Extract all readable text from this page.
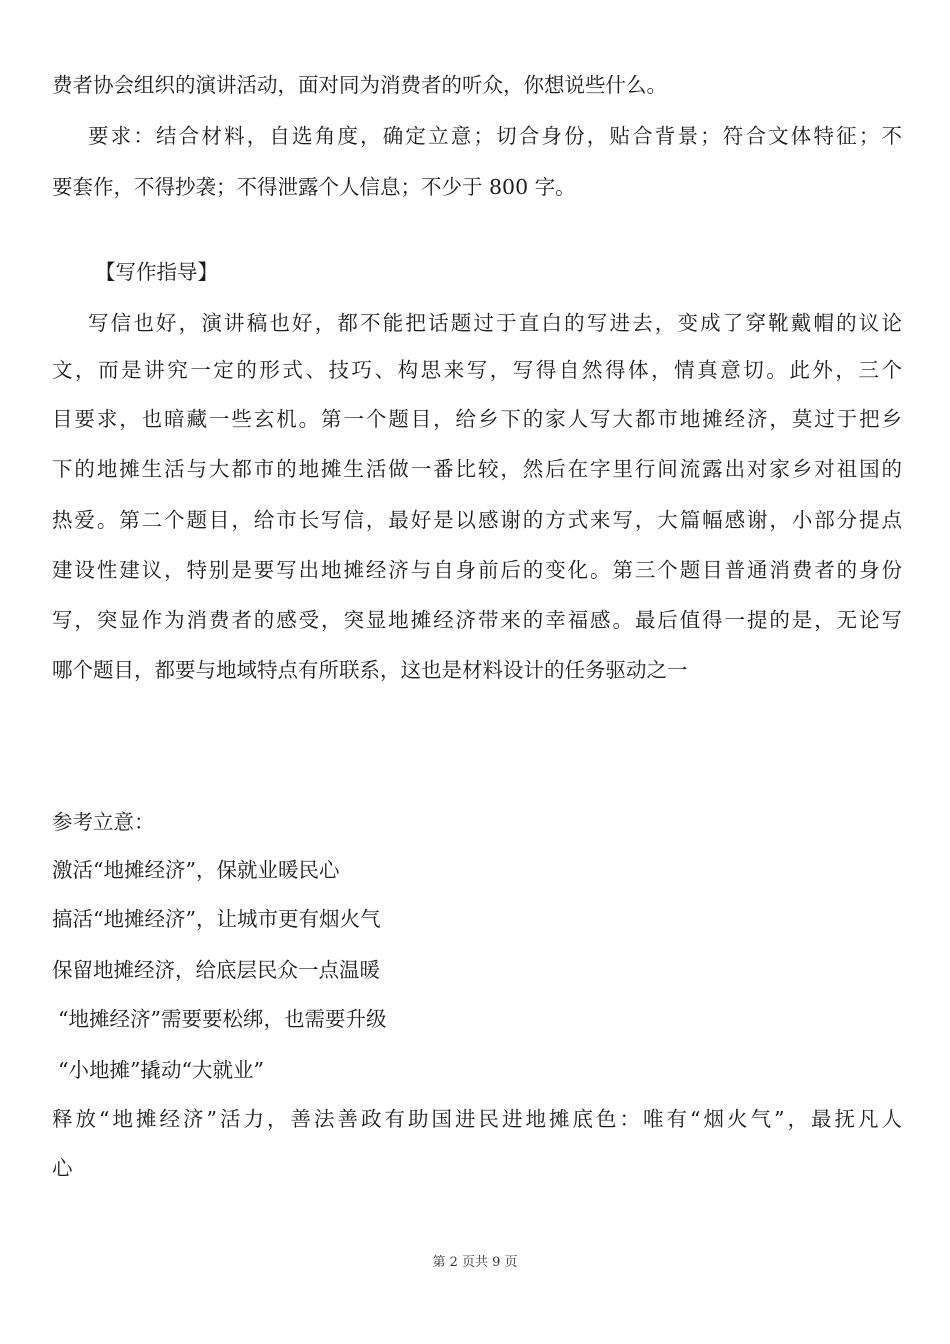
费者协会组织的演讲活动，面对同为消费者的听众，你想说些什么。
要求：结合材料，自选角度，确定立意；切合身份，贴合背景；符合文体特征；不
要套作，不得抄袭；不得泄露个人信息；不少于 800 字。
【写作指导】
写信也好，演讲稿也好，都不能把话题过于直白的写进去，变成了穿靴戴帽的议论
文，而是讲究一定的形式、技巧、构思来写，写得自然得体，情真意切。此外，三个
目要求，也暗藏一些玄机。第一个题目，给乡下的家人写大都市地摊经济，莫过于把乡
下的地摊生活与大都市的地摊生活做一番比较，然后在字里行间流露出对家乡对祖国的
热爱。第二个题目，给市长写信，最好是以感谢的方式来写，大篇幅感谢，小部分提点
建设性建议，特别是要写出地摊经济与自身前后的变化。第三个题目普通消费者的身份
写，突显作为消费者的感受，突显地摊经济带来的幸福感。最后值得一提的是，无论写
哪个题目，都要与地域特点有所联系，这也是材料设计的任务驱动之一
参考立意：
激活“地摊经济”，保就业暖民心
搞活“地摊经济”，让城市更有烟火气
保留地摊经济，给底层民众一点温暖
“地摊经济”需要要松绑，也需要升级
“小地摊”撬动“大就业”
释放“地摊经济”活力，善法善政有助国进民进地摊底色：唯有“烟火气”，最抚凡人
心
第 2 页共 9 页
